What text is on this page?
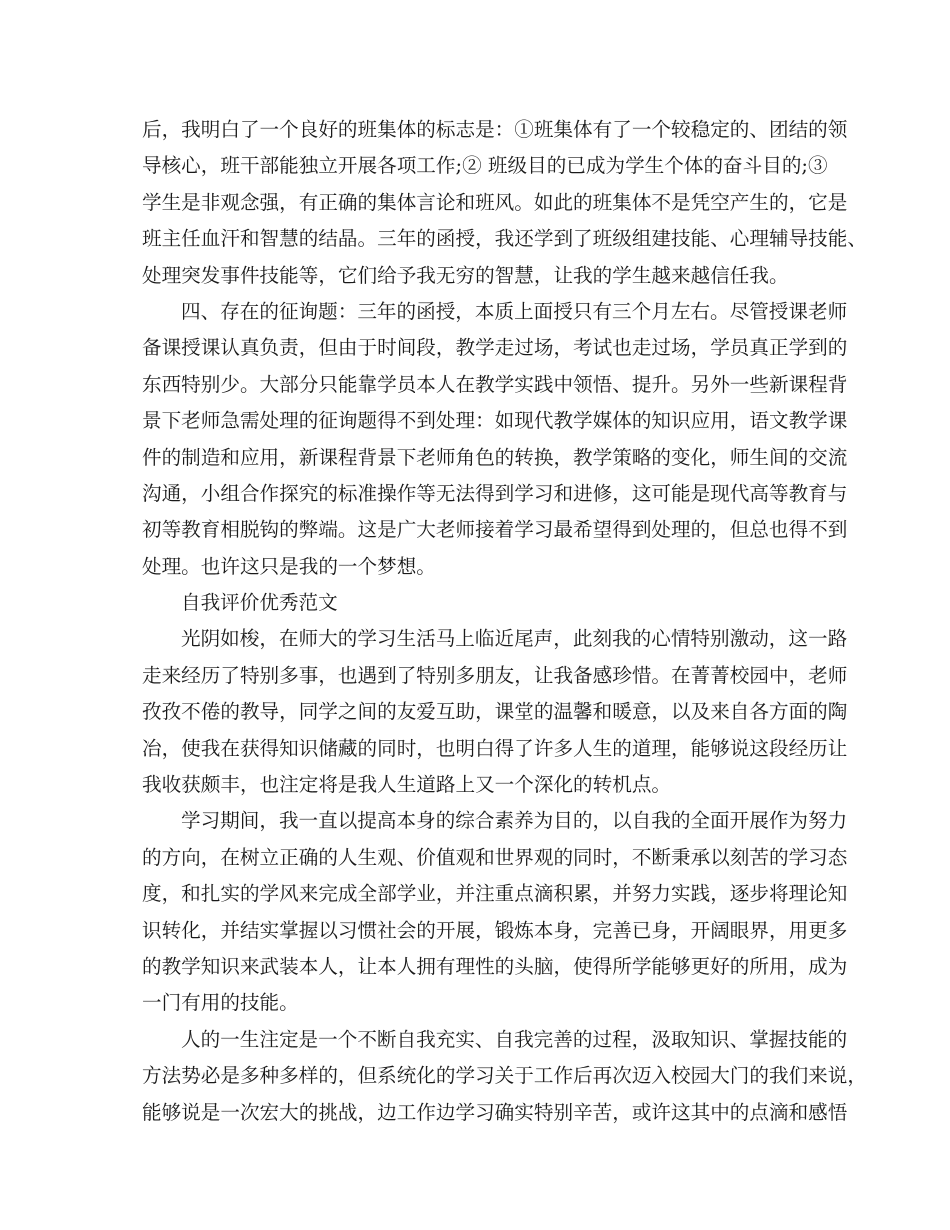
后，我明白了一个良好的班集体的标志是：①班集体有了一个较稳定的、团结的领
导核心，班干部能独立开展各项工作;② 班级目的已成为学生个体的奋斗目的;③
学生是非观念强，有正确的集体言论和班风。如此的班集体不是凭空产生的，它是
班主任血汗和智慧的结晶。三年的函授，我还学到了班级组建技能、心理辅导技能、
处理突发事件技能等，它们给予我无穷的智慧，让我的学生越来越信任我。
四、存在的征询题：三年的函授，本质上面授只有三个月左右。尽管授课老师
备课授课认真负责，但由于时间段，教学走过场，考试也走过场，学员真正学到的
东西特别少。大部分只能靠学员本人在教学实践中领悟、提升。另外一些新课程背
景下老师急需处理的征询题得不到处理：如现代教学媒体的知识应用，语文教学课
件的制造和应用，新课程背景下老师角色的转换，教学策略的变化，师生间的交流
沟通，小组合作探究的标准操作等无法得到学习和进修，这可能是现代高等教育与
初等教育相脱钩的弊端。这是广大老师接着学习最希望得到处理的，但总也得不到
处理。也许这只是我的一个梦想。
自我评价优秀范文
光阴如梭，在师大的学习生活马上临近尾声，此刻我的心情特别激动，这一路
走来经历了特别多事，也遇到了特别多朋友，让我备感珍惜。在菁菁校园中，老师
孜孜不倦的教导，同学之间的友爱互助，课堂的温馨和暖意，以及来自各方面的陶
冶，使我在获得知识储藏的同时，也明白得了许多人生的道理，能够说这段经历让
我收获颇丰，也注定将是我人生道路上又一个深化的转机点。
学习期间，我一直以提高本身的综合素养为目的，以自我的全面开展作为努力
的方向，在树立正确的人生观、价值观和世界观的同时，不断秉承以刻苦的学习态
度，和扎实的学风来完成全部学业，并注重点滴积累，并努力实践，逐步将理论知
识转化，并结实掌握以习惯社会的开展，锻炼本身，完善已身，开阔眼界，用更多
的教学知识来武装本人，让本人拥有理性的头脑，使得所学能够更好的所用，成为
一门有用的技能。
人的一生注定是一个不断自我充实、自我完善的过程，汲取知识、掌握技能的
方法势必是多种多样的，但系统化的学习关于工作后再次迈入校园大门的我们来说，
能够说是一次宏大的挑战，边工作边学习确实特别辛苦，或许这其中的点滴和感悟
